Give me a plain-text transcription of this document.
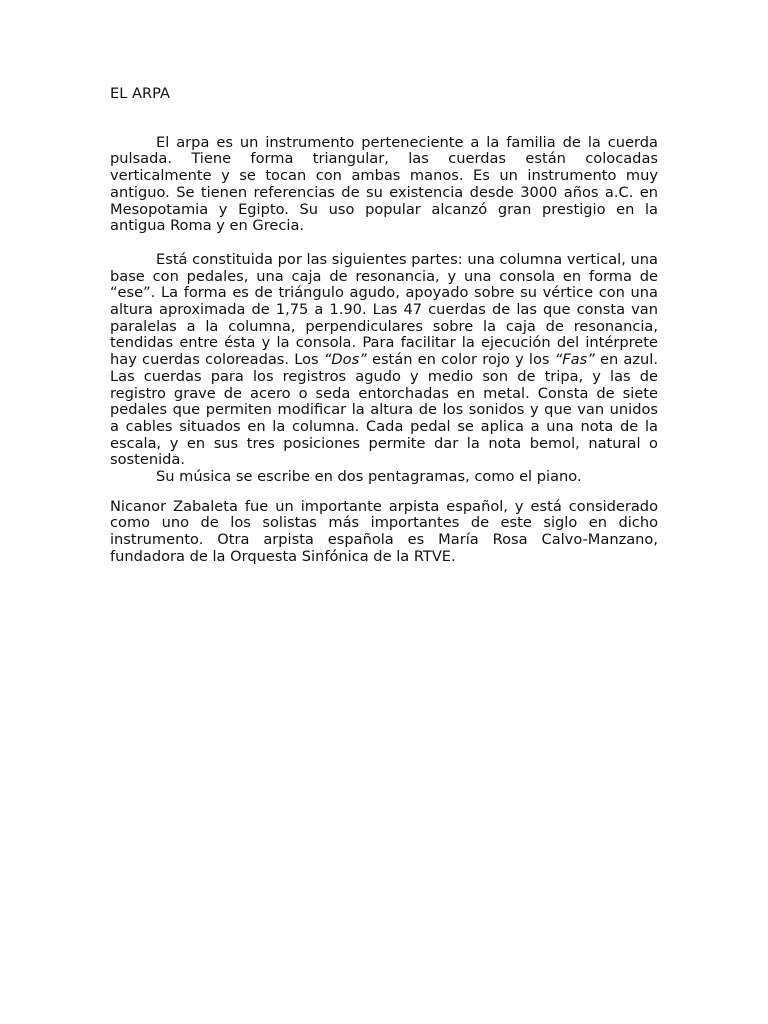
EL ARPA

El arpa es un instrumento perteneciente a la familia de la cuerda pulsada. Tiene forma triangular, las cuerdas están colocadas verticalmente y se tocan con ambas manos. Es un instrumento muy antiguo. Se tienen referencias de su existencia desde 3000 años a.C. en Mesopotamia y Egipto. Su uso popular alcanzó gran prestigio en la antigua Roma y en Grecia.

Está constituida por las siguientes partes: una columna vertical, una base con pedales, una caja de resonancia, y una consola en forma de “ese”. La forma es de triángulo agudo, apoyado sobre su vértice con una altura aproximada de 1,75 a 1.90. Las 47 cuerdas de las que consta van paralelas a la columna, perpendiculares sobre la caja de resonancia, tendidas entre ésta y la consola. Para facilitar la ejecución del intérprete hay cuerdas coloreadas. Los “Dos” están en color rojo y los “Fas” en azul. Las cuerdas para los registros agudo y medio son de tripa, y las de registro grave de acero o seda entorchadas en metal. Consta de siete pedales que permiten modificar la altura de los sonidos y que van unidos a cables situados en la columna. Cada pedal se aplica a una nota de la escala, y en sus tres posiciones permite dar la nota bemol, natural o sostenida.

Su música se escribe en dos pentagramas, como el piano.

Nicanor Zabaleta fue un importante arpista español, y está considerado como uno de los solistas más importantes de este siglo en dicho instrumento. Otra arpista española es María Rosa Calvo-Manzano, fundadora de la Orquesta Sinfónica de la RTVE.
